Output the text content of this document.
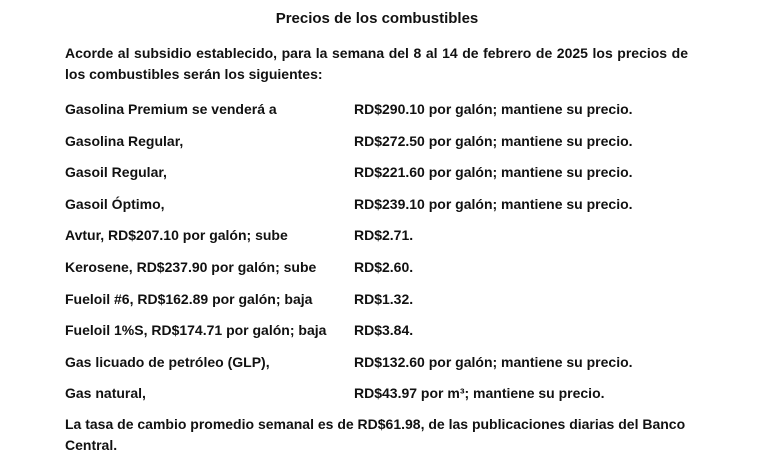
Precios de los combustibles
Acorde al subsidio establecido, para la semana del 8 al 14 de febrero de 2025 los precios de los combustibles serán los siguientes:
Gasolina Premium se venderá a	RD$290.10 por galón; mantiene su precio.
Gasolina Regular,	RD$272.50 por galón; mantiene su precio.
Gasoil Regular,	RD$221.60 por galón; mantiene su precio.
Gasoil Óptimo,	RD$239.10 por galón; mantiene su precio.
Avtur, RD$207.10 por galón; sube	RD$2.71.
Kerosene, RD$237.90 por galón; sube	RD$2.60.
Fueloil #6, RD$162.89 por galón; baja	RD$1.32.
Fueloil 1%S, RD$174.71 por galón; baja RD$3.84.
Gas licuado de petróleo (GLP),	RD$132.60 por galón; mantiene su precio.
Gas natural,	RD$43.97 por m³; mantiene su precio.
La tasa de cambio promedio semanal es de RD$61.98, de las publicaciones diarias del Banco Central.
